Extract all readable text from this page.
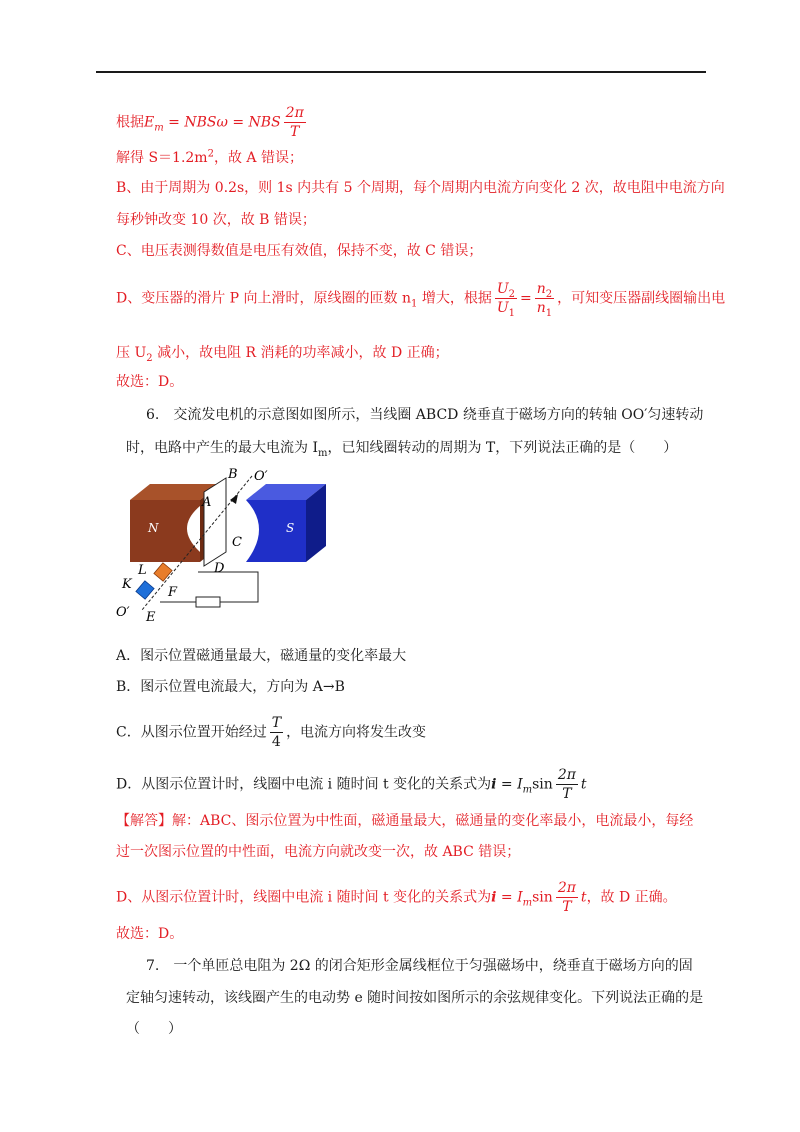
根据$E_m = NBS\omega$ = NBS $\frac{2\pi}{T}$
解得 $S=1.2m^2$，故 A 错误；
B、由于周期为 0.2s，则 1s 内共有 5 个周期，每个周期内电流方向变化 2 次，故电阻中电流方向
每秒钟改变 10 次，故 B 错误；
C、电压表测得数值是电压有效值，保持不变，故 C 错误；
D、变压器的滑片 P 向上滑时，原线圈的匝数 $n_1$ 增大，根据 $\frac{U_2}{U_1} = \frac{n_2}{n_1}$ ，可知变压器副线圈输出电
压 $U_2$ 减小，故电阻 R 消耗的功率减小，故 D 正确；
故选：D。
6.　交流发电机的示意图如图所示，当线圈 ABCD 绕垂直于磁场方向的转轴 OO′匀速转动
时，电路中产生的最大电流为 $I_m$，已知线圈转动的周期为 T，下列说法正确的是（　　）
B O′
A
N	S
C
D
L
K
F
O′ E
A．图示位置磁通量最大，磁通量的变化率最大
B．图示位置电流最大，方向为 A→B
C．从图示位置开始经过 $\frac{T}{4}$ ，电流方向将发生改变
D．从图示位置计时，线圈中电流 i 随时间 t 变化的关系式为$i = I_m\sin \frac{2\pi}{T}$ t
【解答】解：ABC、图示位置为中性面，磁通量最大，磁通量的变化率最小，电流最小，每经
过一次图示位置的中性面，电流方向就改变一次，故 ABC 错误；
D、从图示位置计时，线圈中电流 i 随时间 t 变化的关系式为$i = I_m\sin \frac{2\pi}{T}$ t，故 D 正确。
故选：D。
7.　一个单匝总电阻为 2Ω 的闭合矩形金属线框位于匀强磁场中，绕垂直于磁场方向的固
定轴匀速转动，该线圈产生的电动势 e 随时间按如图所示的余弦规律变化。下列说法正确的是
（　　）
